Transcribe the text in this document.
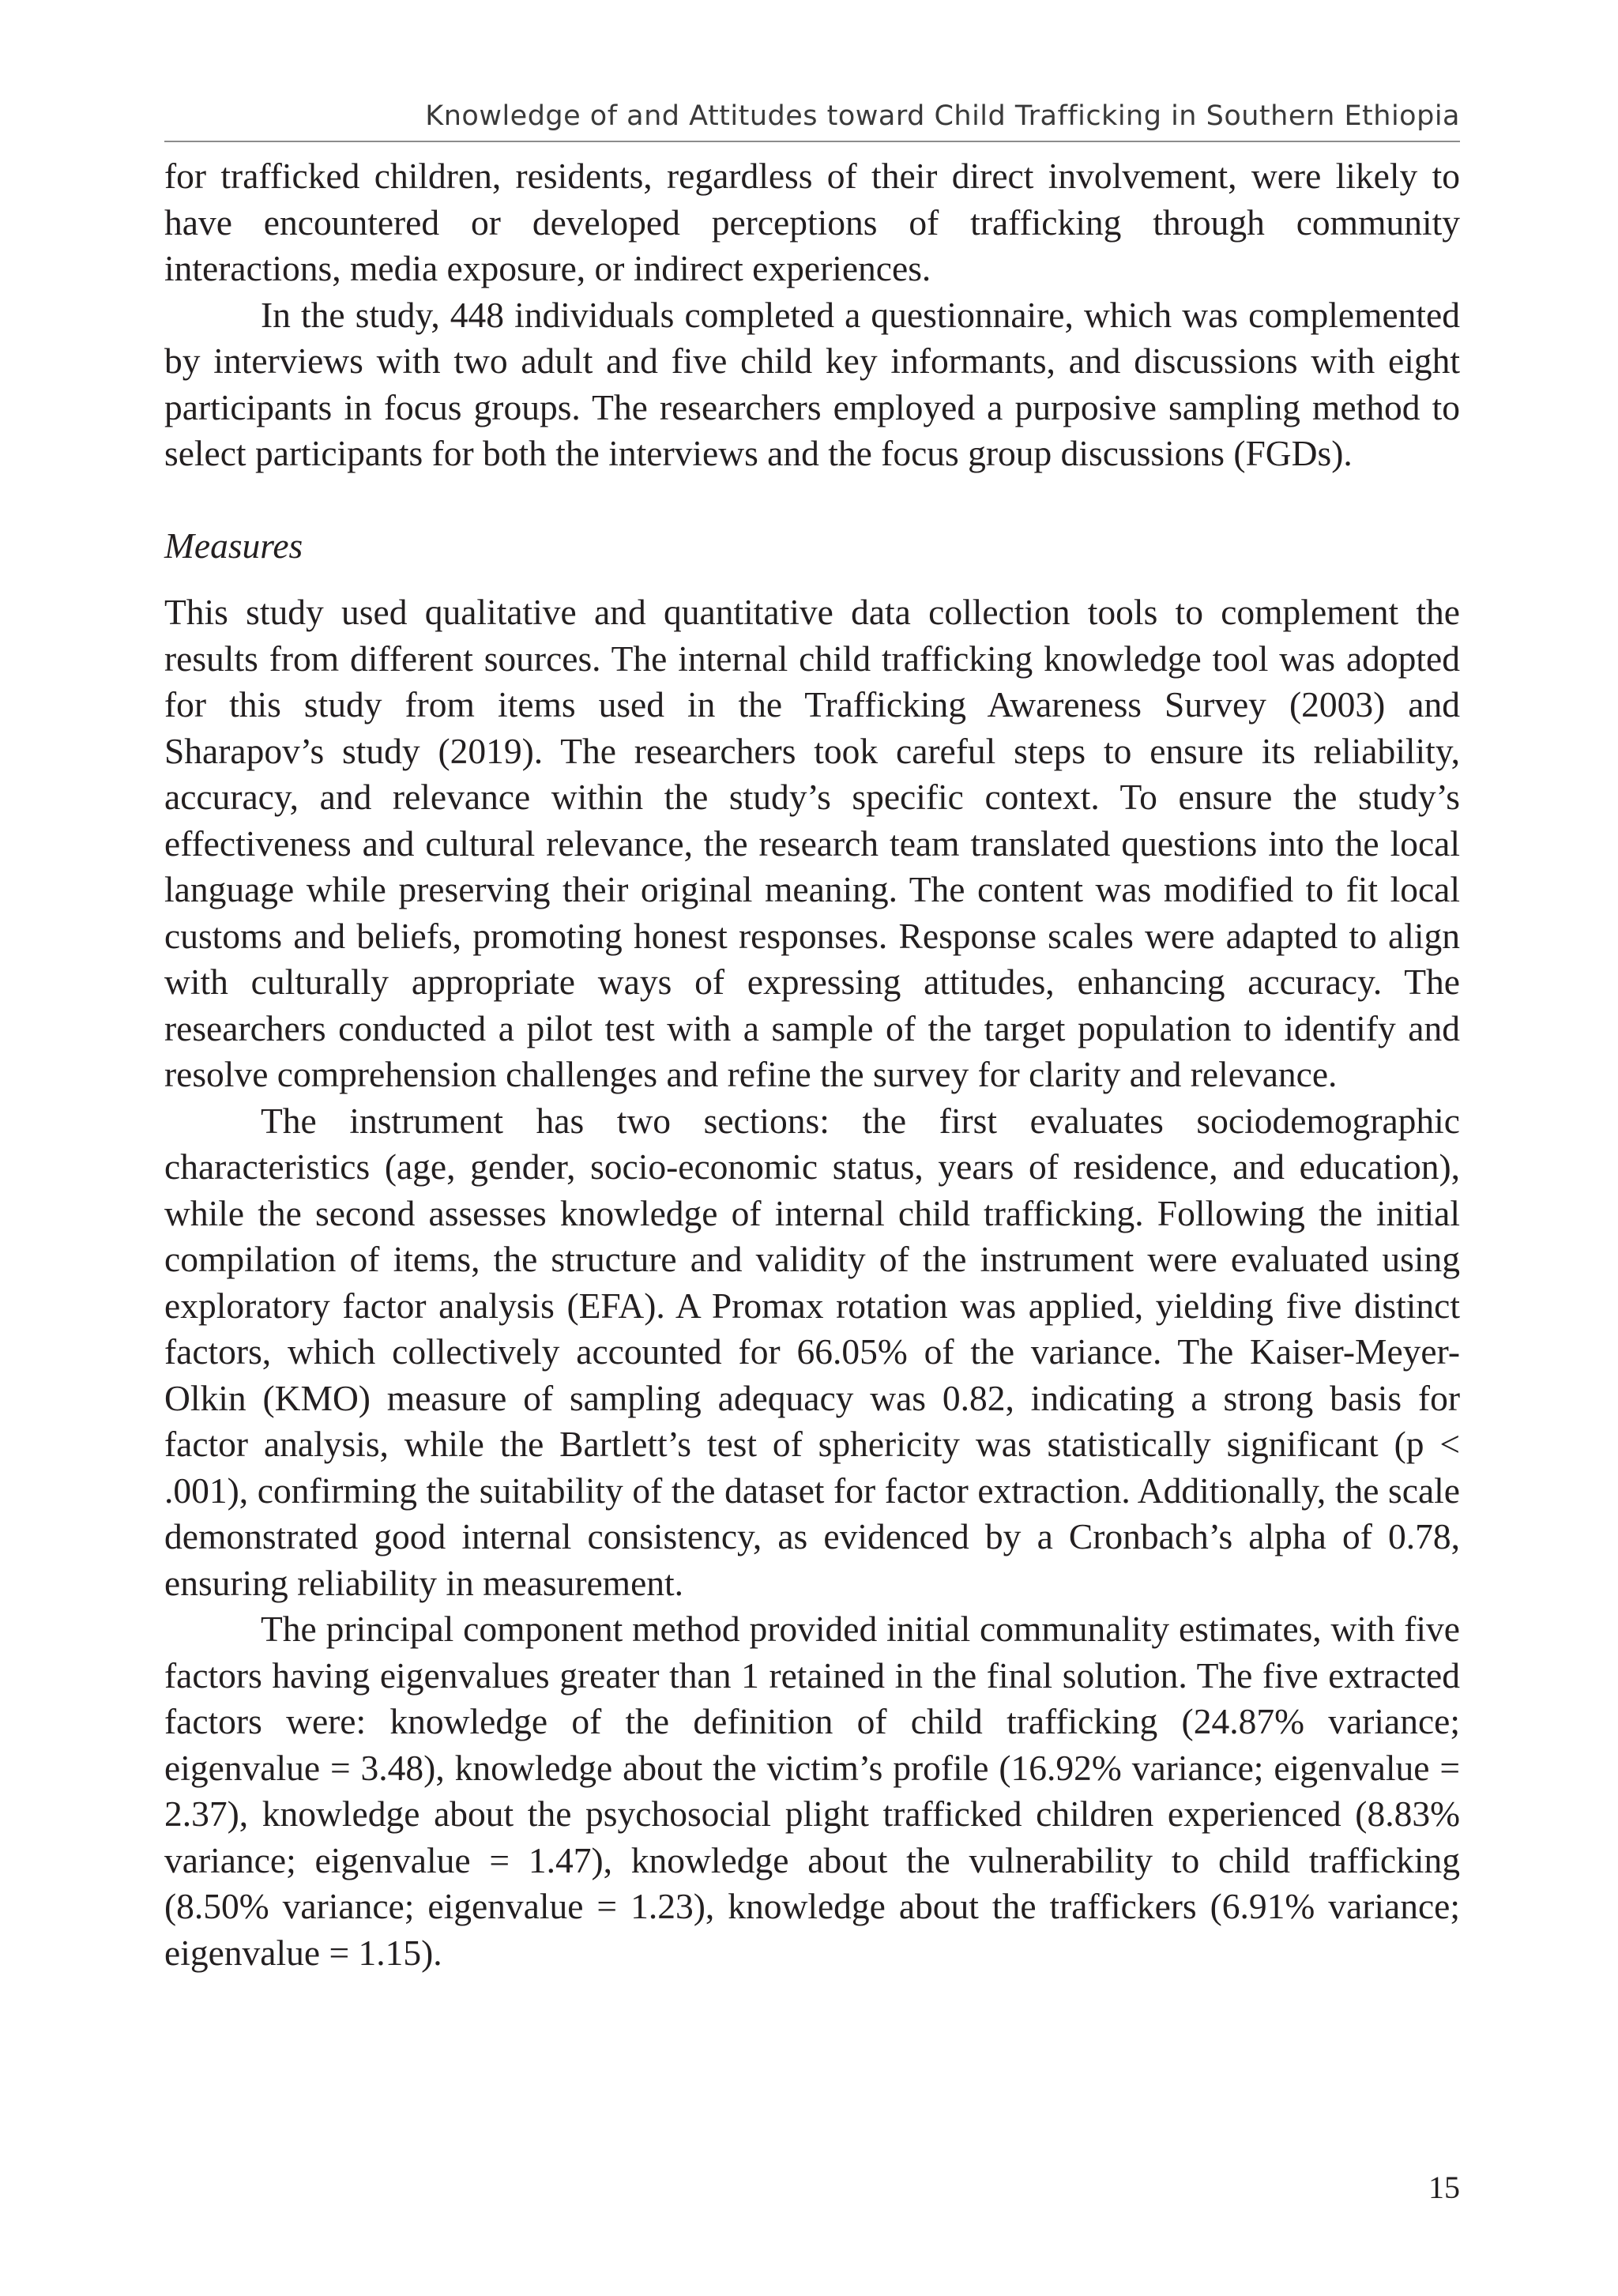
Knowledge of and Attitudes toward Child Trafficking in Southern Ethiopia

for trafficked children, residents, regardless of their direct involvement, were likely to have encountered or developed perceptions of trafficking through community interactions, media exposure, or indirect experiences.

In the study, 448 individuals completed a questionnaire, which was complemented by interviews with two adult and five child key informants, and discussions with eight participants in focus groups. The researchers employed a purposive sampling method to select participants for both the interviews and the focus group discussions (FGDs).

Measures

This study used qualitative and quantitative data collection tools to complement the results from different sources. The internal child trafficking knowledge tool was adopted for this study from items used in the Trafficking Awareness Survey (2003) and Sharapov’s study (2019). The researchers took careful steps to ensure its reliability, accuracy, and relevance within the study’s specific context. To ensure the study’s effectiveness and cultural relevance, the research team translated questions into the local language while preserving their original meaning. The content was modified to fit local customs and beliefs, promoting honest responses. Response scales were adapted to align with culturally appropriate ways of expressing attitudes, enhancing accuracy. The researchers conducted a pilot test with a sample of the target population to identify and resolve comprehension challenges and refine the survey for clarity and relevance.

The instrument has two sections: the first evaluates sociodemographic characteristics (age, gender, socio-economic status, years of residence, and education), while the second assesses knowledge of internal child trafficking. Following the initial compilation of items, the structure and validity of the instrument were evaluated using exploratory factor analysis (EFA). A Promax rotation was applied, yielding five distinct factors, which collectively accounted for 66.05% of the variance. The Kaiser-Meyer-Olkin (KMO) measure of sampling adequacy was 0.82, indicating a strong basis for factor analysis, while the Bartlett’s test of sphericity was statistically significant (p < .001), confirming the suitability of the dataset for factor extraction. Additionally, the scale demonstrated good internal consistency, as evidenced by a Cronbach’s alpha of 0.78, ensuring reliability in measurement.

The principal component method provided initial communality estimates, with five factors having eigenvalues greater than 1 retained in the final solution. The five extracted factors were: knowledge of the definition of child trafficking (24.87% variance; eigenvalue = 3.48), knowledge about the victim’s profile (16.92% variance; eigenvalue = 2.37), knowledge about the psychosocial plight trafficked children experienced (8.83% variance; eigenvalue = 1.47), knowledge about the vulnerability to child trafficking (8.50% variance; eigenvalue = 1.23), knowledge about the traffickers (6.91% variance; eigenvalue = 1.15).

15
